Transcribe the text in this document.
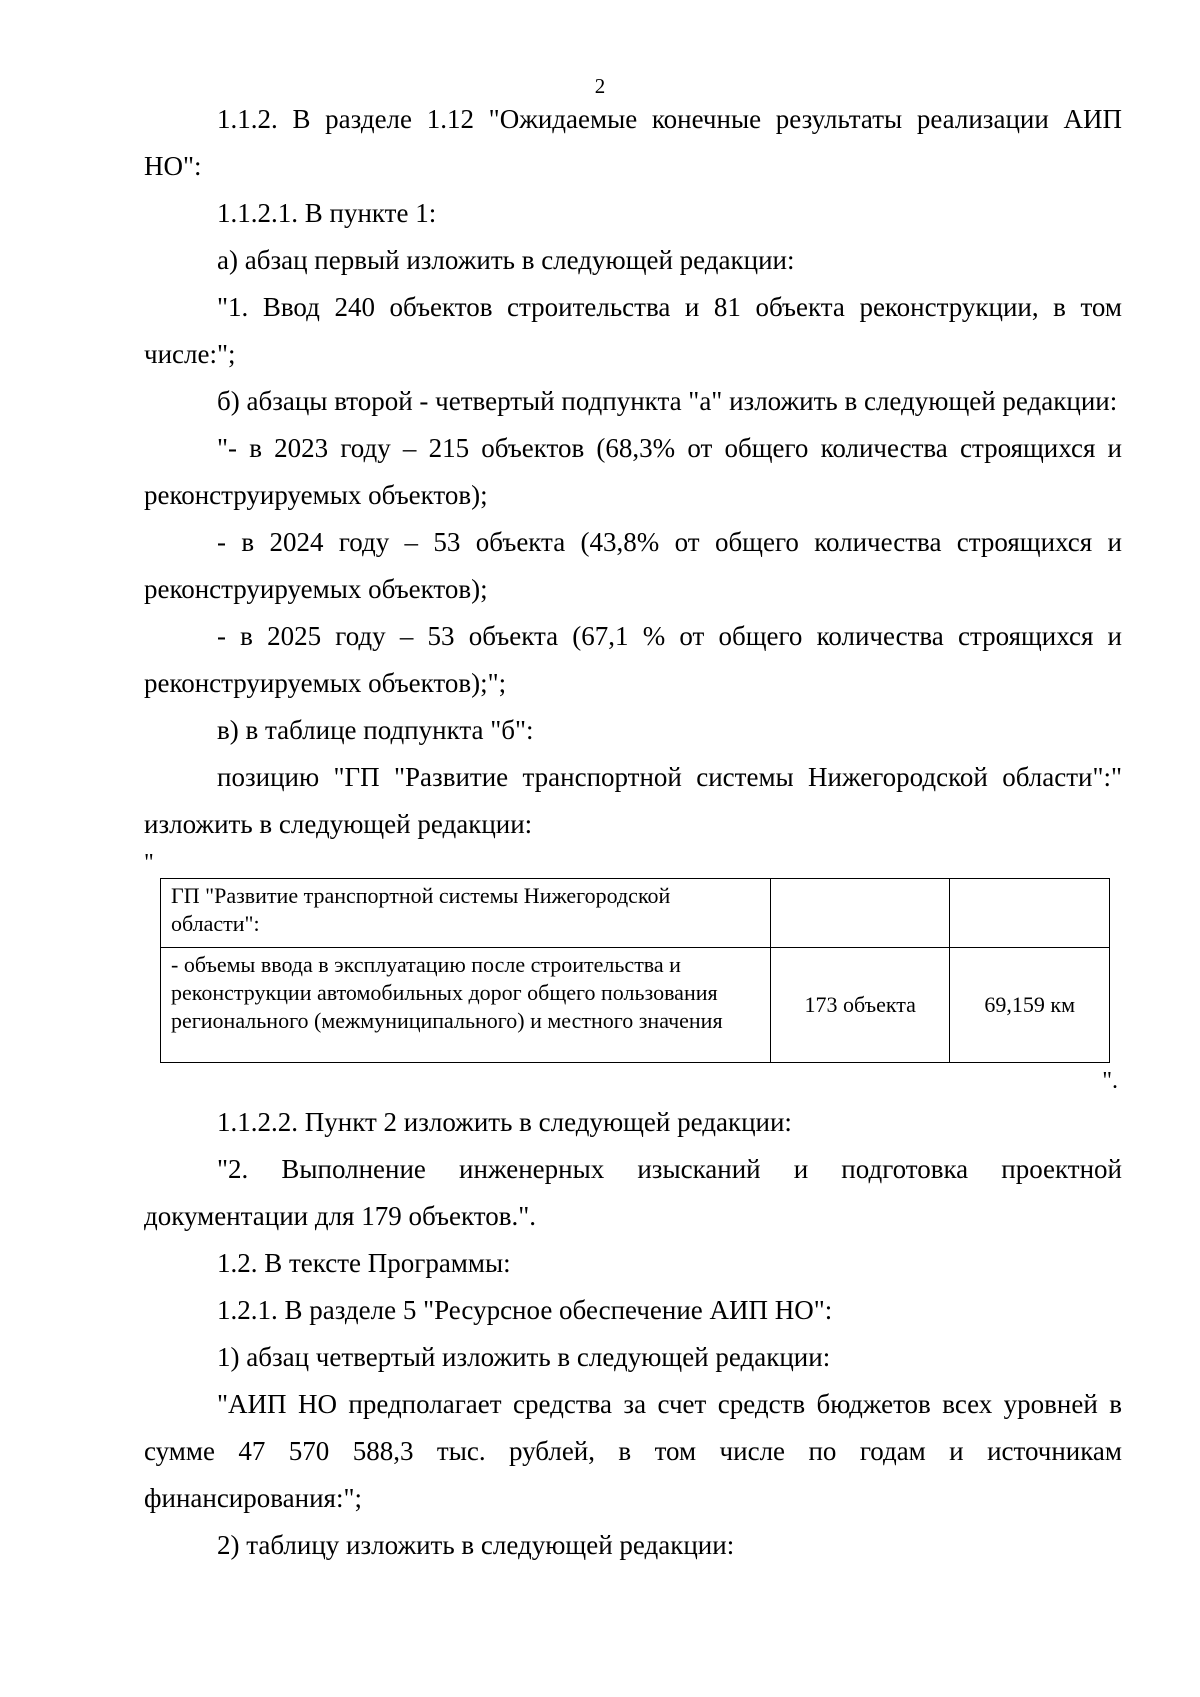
2

1.1.2. В разделе 1.12 "Ожидаемые конечные результаты реализации АИП НО":

1.1.2.1. В пункте 1:

а) абзац первый изложить в следующей редакции:

"1. Ввод 240 объектов строительства и 81 объекта реконструкции, в том числе:";

б) абзацы второй - четвертый подпункта "а" изложить в следующей редакции:

"- в 2023 году – 215 объектов (68,3% от общего количества строящихся и реконструируемых объектов);

- в 2024 году – 53 объекта (43,8% от общего количества строящихся и реконструируемых объектов);

- в 2025 году – 53 объекта (67,1 % от общего количества строящихся и реконструируемых объектов);";

в) в таблице подпункта "б":

позицию "ГП "Развитие транспортной системы Нижегородской области":" изложить в следующей редакции:

"
ГП "Развитие транспортной системы Нижегородской области":		
- объемы ввода в эксплуатацию после строительства и реконструкции автомобильных дорог общего пользования регионального (межмуниципального) и местного значения	173 объекта	69,159 км
".

1.1.2.2. Пункт 2 изложить в следующей редакции:

"2. Выполнение инженерных изысканий и подготовка проектной документации для 179 объектов.".

1.2. В тексте Программы:

1.2.1. В разделе 5 "Ресурсное обеспечение АИП НО":

1) абзац четвертый изложить в следующей редакции:

"АИП НО предполагает средства за счет средств бюджетов всех уровней в сумме 47 570 588,3 тыс. рублей, в том числе по годам и источникам финансирования:";

2) таблицу изложить в следующей редакции:
